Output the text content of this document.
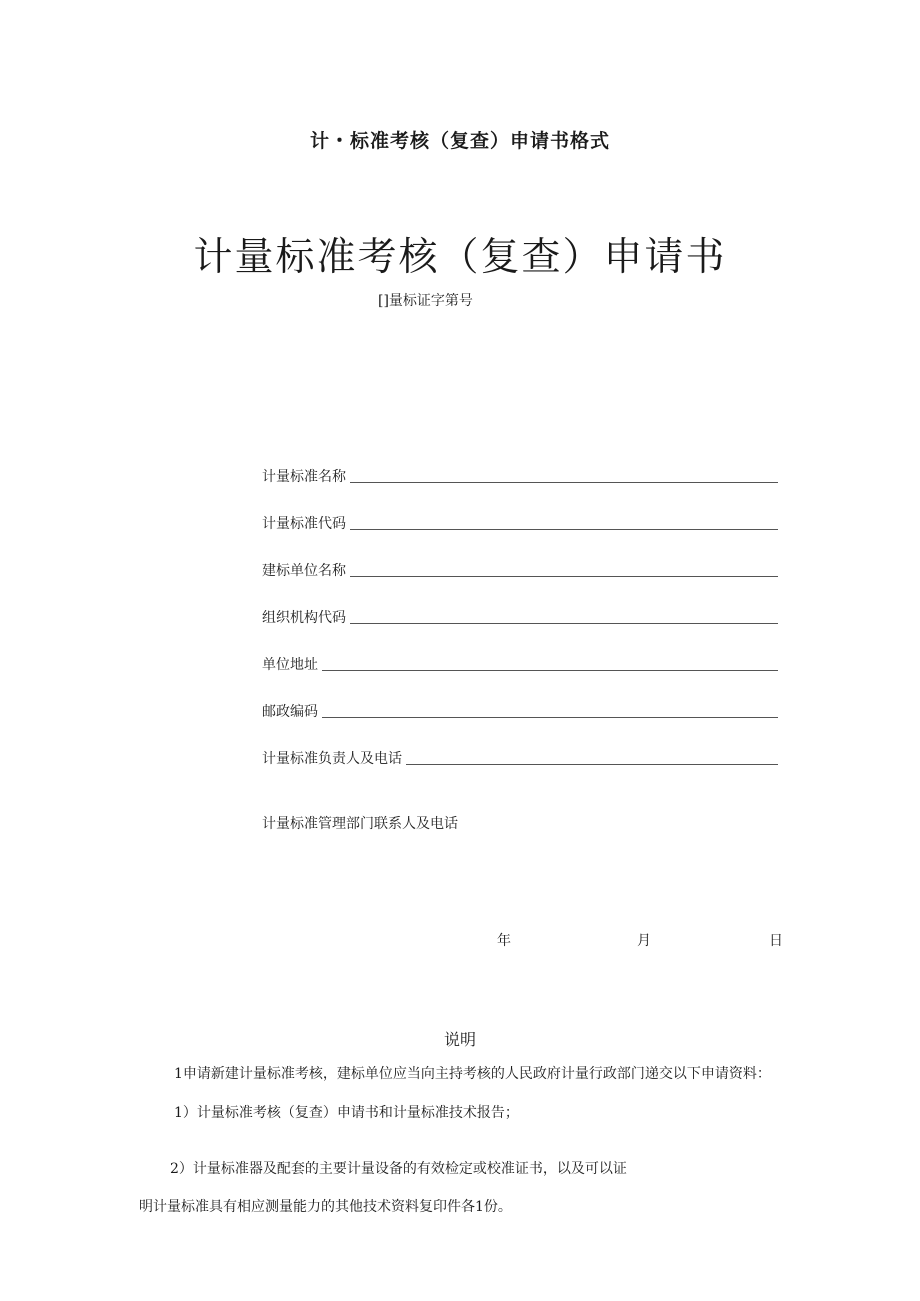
计・标准考核（复查）申请书格式
计量标准考核（复查）申请书
[]量标证字第号
计量标准名称
计量标准代码
建标单位名称
组织机构代码
单位地址
邮政编码
计量标准负责人及电话
计量标准管理部门联系人及电话
年	月	日
说明
1申请新建计量标准考核，建标单位应当向主持考核的人民政府计量行政部门递交以下申请资料：
1）计量标准考核（复查）申请书和计量标准技术报告；
2）计量标准器及配套的主要计量设备的有效检定或校准证书，以及可以证
明计量标准具有相应测量能力的其他技术资料复印件各1份。
